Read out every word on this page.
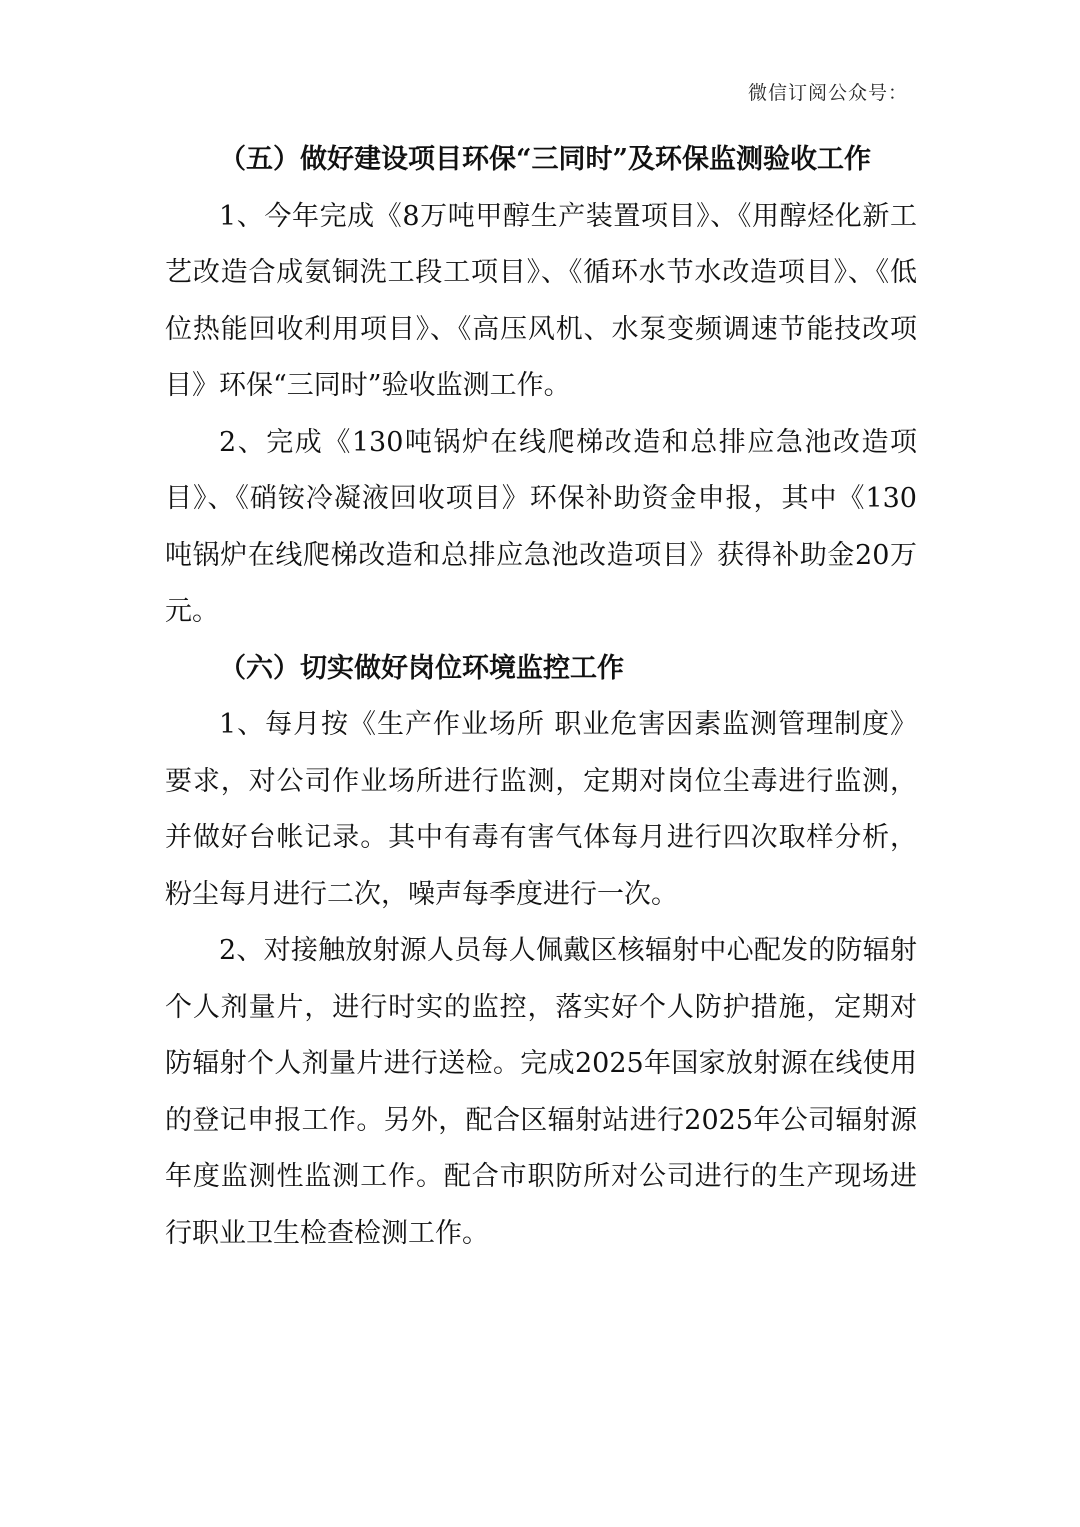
微信订阅公众号：

（五）做好建设项目环保“三同时”及环保监测验收工作

1、今年完成《8万吨甲醇生产装置项目》、《用醇烃化新工艺改造合成氨铜洗工段工项目》、《循环水节水改造项目》、《低位热能回收利用项目》、《高压风机、水泵变频调速节能技改项目》环保“三同时”验收监测工作。

2、完成《130吨锅炉在线爬梯改造和总排应急池改造项目》、《硝铵冷凝液回收项目》环保补助资金申报，其中《130吨锅炉在线爬梯改造和总排应急池改造项目》获得补助金20万元。

（六）切实做好岗位环境监控工作

1、每月按《生产作业场所 职业危害因素监测管理制度》要求，对公司作业场所进行监测，定期对岗位尘毒进行监测，并做好台帐记录。其中有毒有害气体每月进行四次取样分析，粉尘每月进行二次，噪声每季度进行一次。

2、对接触放射源人员每人佩戴区核辐射中心配发的防辐射个人剂量片，进行时实的监控，落实好个人防护措施，定期对防辐射个人剂量片进行送检。完成2025年国家放射源在线使用的登记申报工作。另外，配合区辐射站进行2025年公司辐射源年度监测性监测工作。配合市职防所对公司进行的生产现场进行职业卫生检查检测工作。
